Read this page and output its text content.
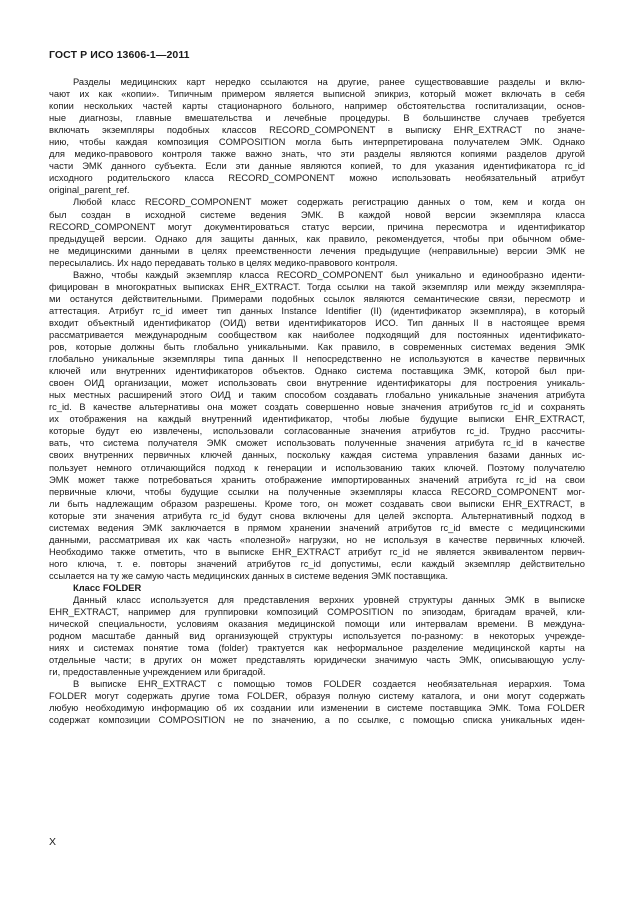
ГОСТ Р ИСО 13606-1—2011
Разделы медицинских карт нередко ссылаются на другие, ранее существовавшие разделы и вклю-
чают их как «копии». Типичным примером является выписной эпикриз, который может включать в себя
копии нескольких частей карты стационарного больного, например обстоятельства госпитализации, основ-
ные диагнозы, главные вмешательства и лечебные процедуры. В большинстве случаев требуется
включать экземпляры подобных классов RECORD_COMPONENT в выписку EHR_EXTRACT по значе-
нию, чтобы каждая композиция COMPOSITION могла быть интерпретирована получателем ЭМК. Однако
для медико-правового контроля также важно знать, что эти разделы являются копиями разделов другой
части ЭМК данного субъекта. Если эти данные являются копией, то для указания идентификатора rc_id
исходного родительского класса RECORD_COMPONENT можно использовать необязательный атрибут
original_parent_ref.
Любой класс RECORD_COMPONENT может содержать регистрацию данных о том, кем и когда он
был создан в исходной системе ведения ЭМК. В каждой новой версии экземпляра класса
RECORD_COMPONENT могут документироваться статус версии, причина пересмотра и идентификатор
предыдущей версии. Однако для защиты данных, как правило, рекомендуется, чтобы при обычном обме-
не медицинскими данными в целях преемственности лечения предыдущие (неправильные) версии ЭМК не
пересылались. Их надо передавать только в целях медико-правового контроля.
Важно, чтобы каждый экземпляр класса RECORD_COMPONENT был уникально и единообразно иденти-
фицирован в многократных выписках EHR_EXTRACT. Тогда ссылки на такой экземпляр или между экземпляра-
ми останутся действительными. Примерами подобных ссылок являются семантические связи, пересмотр и
аттестация. Атрибут rc_id имеет тип данных Instance Identifier (II) (идентификатор экземпляра), в который
входит объектный идентификатор (ОИД) ветви идентификаторов ИСО. Тип данных II в настоящее время
рассматривается международным сообществом как наиболее подходящий для постоянных идентификато-
ров, которые должны быть глобально уникальными. Как правило, в современных системах ведения ЭМК
глобально уникальные экземпляры типа данных II непосредственно не используются в качестве первичных
ключей или внутренних идентификаторов объектов. Однако система поставщика ЭМК, которой был при-
своен ОИД организации, может использовать свои внутренние идентификаторы для построения уникаль-
ных местных расширений этого ОИД и таким способом создавать глобально уникальные значения атрибута
rc_id. В качестве альтернативы она может создать совершенно новые значения атрибутов rc_id и сохранять
их отображения на каждый внутренний идентификатор, чтобы любые будущие выписки EHR_EXTRACT,
которые будут ею извлечены, использовали согласованные значения атрибутов rc_id. Трудно рассчиты-
вать, что система получателя ЭМК сможет использовать полученные значения атрибута rc_id в качестве
своих внутренних первичных ключей данных, поскольку каждая система управления базами данных ис-
пользует немного отличающийся подход к генерации и использованию таких ключей. Поэтому получателю
ЭМК может также потребоваться хранить отображение импортированных значений атрибута rc_id на свои
первичные ключи, чтобы будущие ссылки на полученные экземпляры класса RECORD_COMPONENT мог-
ли быть надлежащим образом разрешены. Кроме того, он может создавать свои выписки EHR_EXTRACT, в
которые эти значения атрибута rc_id будут снова включены для целей экспорта. Альтернативный подход в
системах ведения ЭМК заключается в прямом хранении значений атрибутов rc_id вместе с медицинскими
данными, рассматривая их как часть «полезной» нагрузки, но не используя в качестве первичных ключей.
Необходимо также отметить, что в выписке EHR_EXTRACT атрибут rc_id не является эквивалентом первич-
ного ключа, т. е. повторы значений атрибутов rc_id допустимы, если каждый экземпляр действительно
ссылается на ту же самую часть медицинских данных в системе ведения ЭМК поставщика.
Класс FOLDER
Данный класс используется для представления верхних уровней структуры данных ЭМК в выписке
EHR_EXTRACT, например для группировки композиций COMPOSITION по эпизодам, бригадам врачей, кли-
нической специальности, условиям оказания медицинской помощи или интервалам времени. В междуна-
родном масштабе данный вид организующей структуры используется по-разному: в некоторых учрежде-
ниях и системах понятие тома (folder) трактуется как неформальное разделение медицинской карты на
отдельные части; в других он может представлять юридически значимую часть ЭМК, описывающую услу-
ги, предоставленные учреждением или бригадой.
В выписке EHR_EXTRACT с помощью томов FOLDER создается необязательная иерархия. Тома
FOLDER могут содержать другие тома FOLDER, образуя полную систему каталога, и они могут содержать
любую необходимую информацию об их создании или изменении в системе поставщика ЭМК. Тома FOLDER
содержат композиции COMPOSITION не по значению, а по ссылке, с помощью списка уникальных иден-
X
